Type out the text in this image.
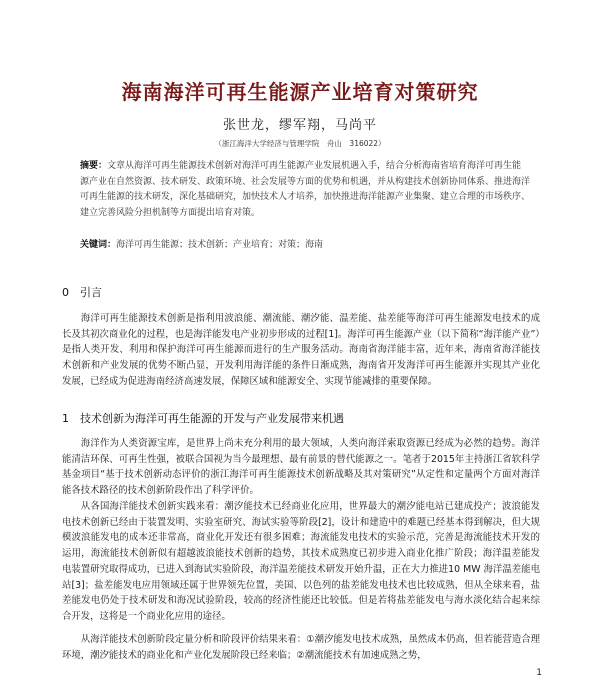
海南海洋可再生能源产业培育对策研究
张世龙，缪军翔，马尚平
（浙江海洋大学经济与管理学院　舟山　316022）
摘要：文章从海洋可再生能源技术创新对海洋可再生能源产业发展机遇入手，结合分析海南省培育海洋可再生能源产业在自然资源、技术研发、政策环境、社会发展等方面的优势和机遇，并从构建技术创新协同体系、推进海洋可再生能源的技术研发，深化基础研究，加快技术人才培养，加快推进海洋能源产业集聚、建立合理的市场秩序、建立完善风险分担机制等方面提出培育对策。
关键词：海洋可再生能源；技术创新；产业培育；对策；海南
0　引言
海洋可再生能源技术创新是指利用波浪能、潮流能、潮汐能、温差能、盐差能等海洋可再生能源发电技术的成长及其初次商业化的过程，也是海洋能发电产业初步形成的过程[1]。海洋可再生能源产业（以下简称“海洋能产业”）是指人类开发、利用和保护海洋可再生能源而进行的生产服务活动。海南省海洋能丰富，近年来，海南省海洋能技术创新和产业发展的优势不断凸显，开发利用海洋能的条件日渐成熟，海南省开发海洋可再生能源并实现其产业化发展，已经成为促进海南经济高速发展，保障区域和能源安全、实现节能减排的重要保障。
1　技术创新为海洋可再生能源的开发与产业发展带来机遇
海洋作为人类资源宝库，是世界上尚未充分利用的最大领域，人类向海洋索取资源已经成为必然的趋势。海洋能清洁环保、可再生性强，被联合国视为当今最理想、最有前景的替代能源之一。笔者于2015年主持浙江省软科学基金项目“基于技术创新动态评价的浙江海洋可再生能源技术创新战略及其对策研究”从定性和定量两个方面对海洋能各技术路径的技术创新阶段作出了科学评价。
从各国海洋能技术创新实践来看：潮汐能技术已经商业化应用，世界最大的潮汐能电站已建成投产；波浪能发电技术创新已经由于装置发明、实验室研究、海试实验等阶段[2]，设计和建造中的难题已经基本得到解决，但大规模波浪能发电的成本还非常高，商业化开发还有很多困难；海流能发电技术的实验示范，完善是海流能技术开发的运用，海流能技术创新似有超越波浪能技术创新的趋势，其技术成熟度已初步进入商业化推广阶段；海洋温差能发电装置研究取得成功，已进入到海试实验阶段，海洋温差能技术研发开始升温，正在大力推进10 MW 海洋温差能电站[3]；盐差能发电应用领域还属于世界领先位置，美国、以色列的盐差能发电技术也比较成熟，但从全球来看，盐差能发电仍处于技术研发和海况试验阶段，较高的经济性能还比较低。但是若将盐差能发电与海水淡化结合起来综合开发，这将是一个商业化应用的途径。
从海洋能技术创新阶段定量分析和阶段评价结果来看：①潮汐能发电技术成熟，虽然成本仍高，但若能营造合理环境，潮汐能技术的商业化和产业化发展阶段已经来临；②潮流能技术有加速成熟之势，
1
